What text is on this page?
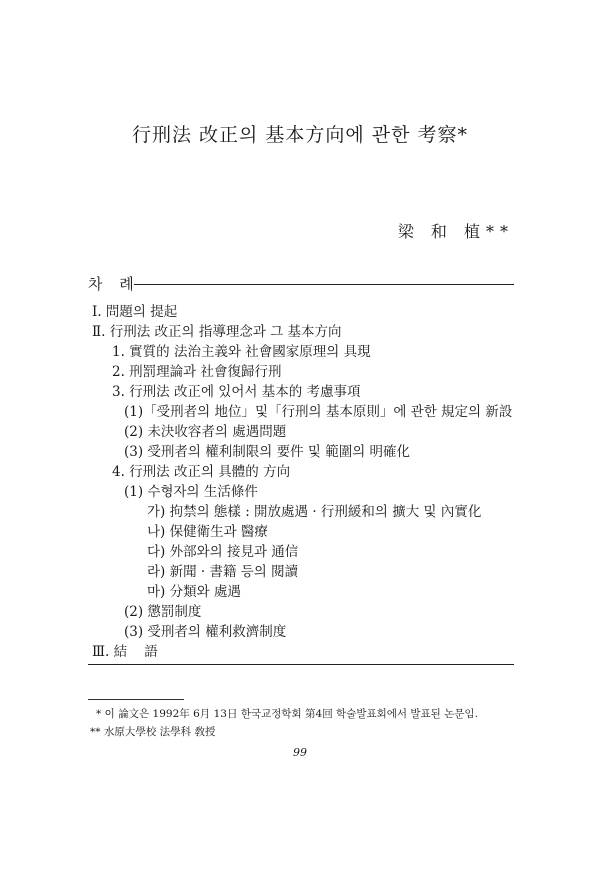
行刑法 改正의 基本方向에 관한 考察*
梁 和 植**
차 례
Ⅰ. 問題의 提起
Ⅱ. 行刑法 改正의 指導理念과 그 基本方向
1. 實質的 法治主義와 社會國家原理의 具現
2. 刑罰理論과 社會復歸行刑
3. 行刑法 改正에 있어서 基本的 考慮事項
(1)「受刑者의 地位」및「行刑의 基本原則」에 관한 規定의 新設
(2) 未決收容者의 處遇問題
(3) 受刑者의 權利制限의 要件 및 範圍의 明確化
4. 行刑法 改正의 具體的 方向
(1) 수형자의 生活條件
가) 拘禁의 態樣 : 開放處遇 · 行刑緩和의 擴大 및 內實化
나) 保健衛生과 醫療
다) 外部와의 接見과 通信
라) 新聞 · 書籍 등의 閱讀
마) 分類와 處遇
(2) 懲罰制度
(3) 受刑者의 權利救濟制度
Ⅲ. 結    語
* 이 論文은 1992年 6月 13日 한국교정학회 第4回 학술발표회에서 발표된 논문임.
** 水原大學校 法學科 敎授
99
